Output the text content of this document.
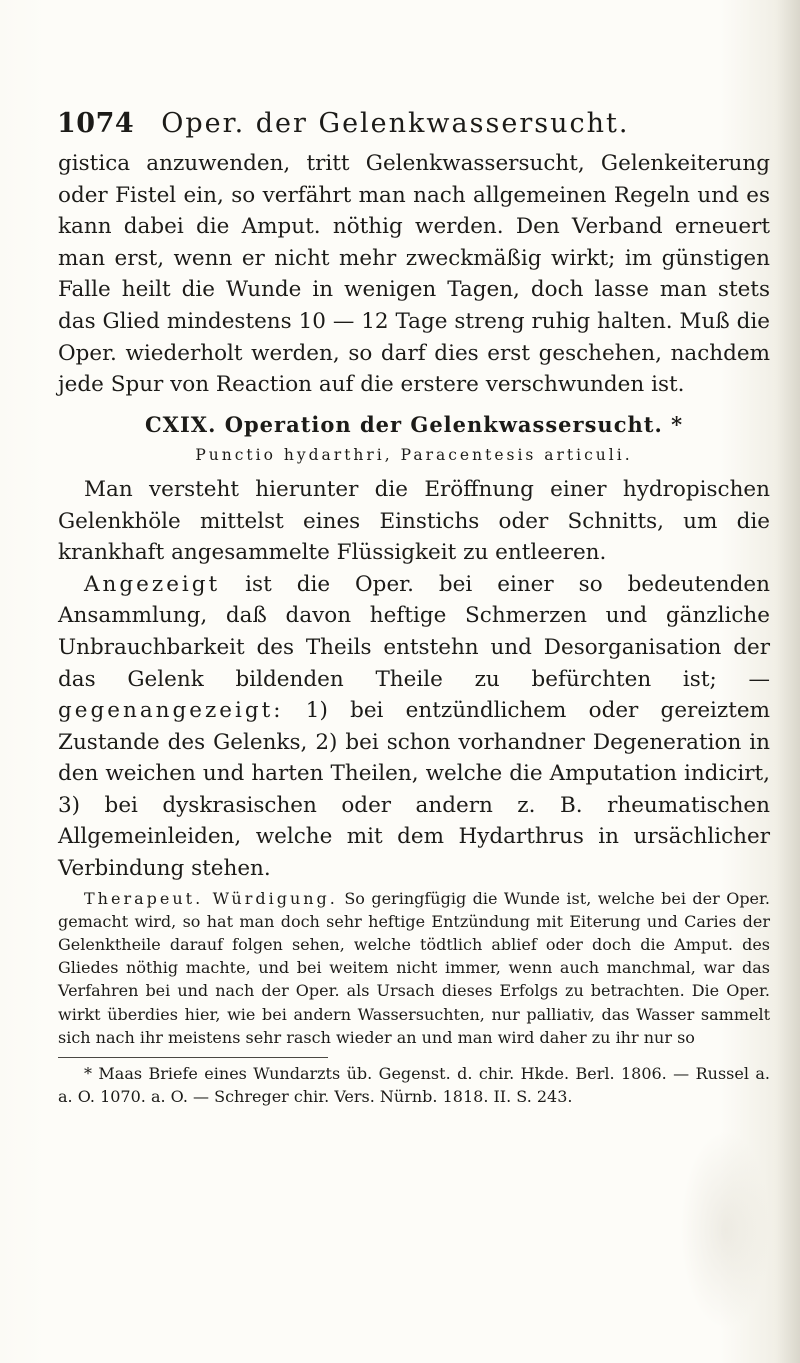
1074 Oper. der Gelenkwassersucht.

gistica anzuwenden, tritt Gelenkwassersucht, Gelenkeiterung oder Fistel ein, so verfährt man nach allgemeinen Regeln und es kann dabei die Amput. nöthig werden. Den Verband erneuert man erst, wenn er nicht mehr zweckmäßig wirkt; im günstigen Falle heilt die Wunde in wenigen Tagen, doch lasse man stets das Glied mindestens 10 — 12 Tage streng ruhig halten. Muß die Oper. wiederholt werden, so darf dies erst geschehen, nachdem jede Spur von Reaction auf die erstere verschwunden ist.

CXIX. Operation der Gelenkwassersucht. *
Punctio hydarthri, Paracentesis articuli.

Man versteht hierunter die Eröffnung einer hydropischen Gelenkhöle mittelst eines Einstichs oder Schnitts, um die krankhaft angesammelte Flüssigkeit zu entleeren.

Angezeigt ist die Oper. bei einer so bedeutenden Ansammlung, daß davon heftige Schmerzen und gänzliche Unbrauchbarkeit des Theils entstehn und Desorganisation der das Gelenk bildenden Theile zu befürchten ist; — gegenangezeigt: 1) bei entzündlichem oder gereiztem Zustande des Gelenks, 2) bei schon vorhandner Degeneration in den weichen und harten Theilen, welche die Amputation indicirt, 3) bei dyskrasischen oder andern z. B. rheumatischen Allgemeinleiden, welche mit dem Hydarthrus in ursächlicher Verbindung stehen.

Therapeut. Würdigung. So geringfügig die Wunde ist, welche bei der Oper. gemacht wird, so hat man doch sehr heftige Entzündung mit Eiterung und Caries der Gelenktheile darauf folgen sehen, welche tödtlich ablief oder doch die Amput. des Gliedes nöthig machte, und bei weitem nicht immer, wenn auch manchmal, war das Verfahren bei und nach der Oper. als Ursach dieses Erfolgs zu betrachten. Die Oper. wirkt überdies hier, wie bei andern Wassersuchten, nur palliativ, das Wasser sammelt sich nach ihr meistens sehr rasch wieder an und man wird daher zu ihr nur so

* Maas Briefe eines Wundarzts üb. Gegenst. d. chir. Hkde. Berl. 1806. — Russel a. a. O. 1070. a. O. — Schreger chir. Vers. Nürnb. 1818. II. S. 243.
